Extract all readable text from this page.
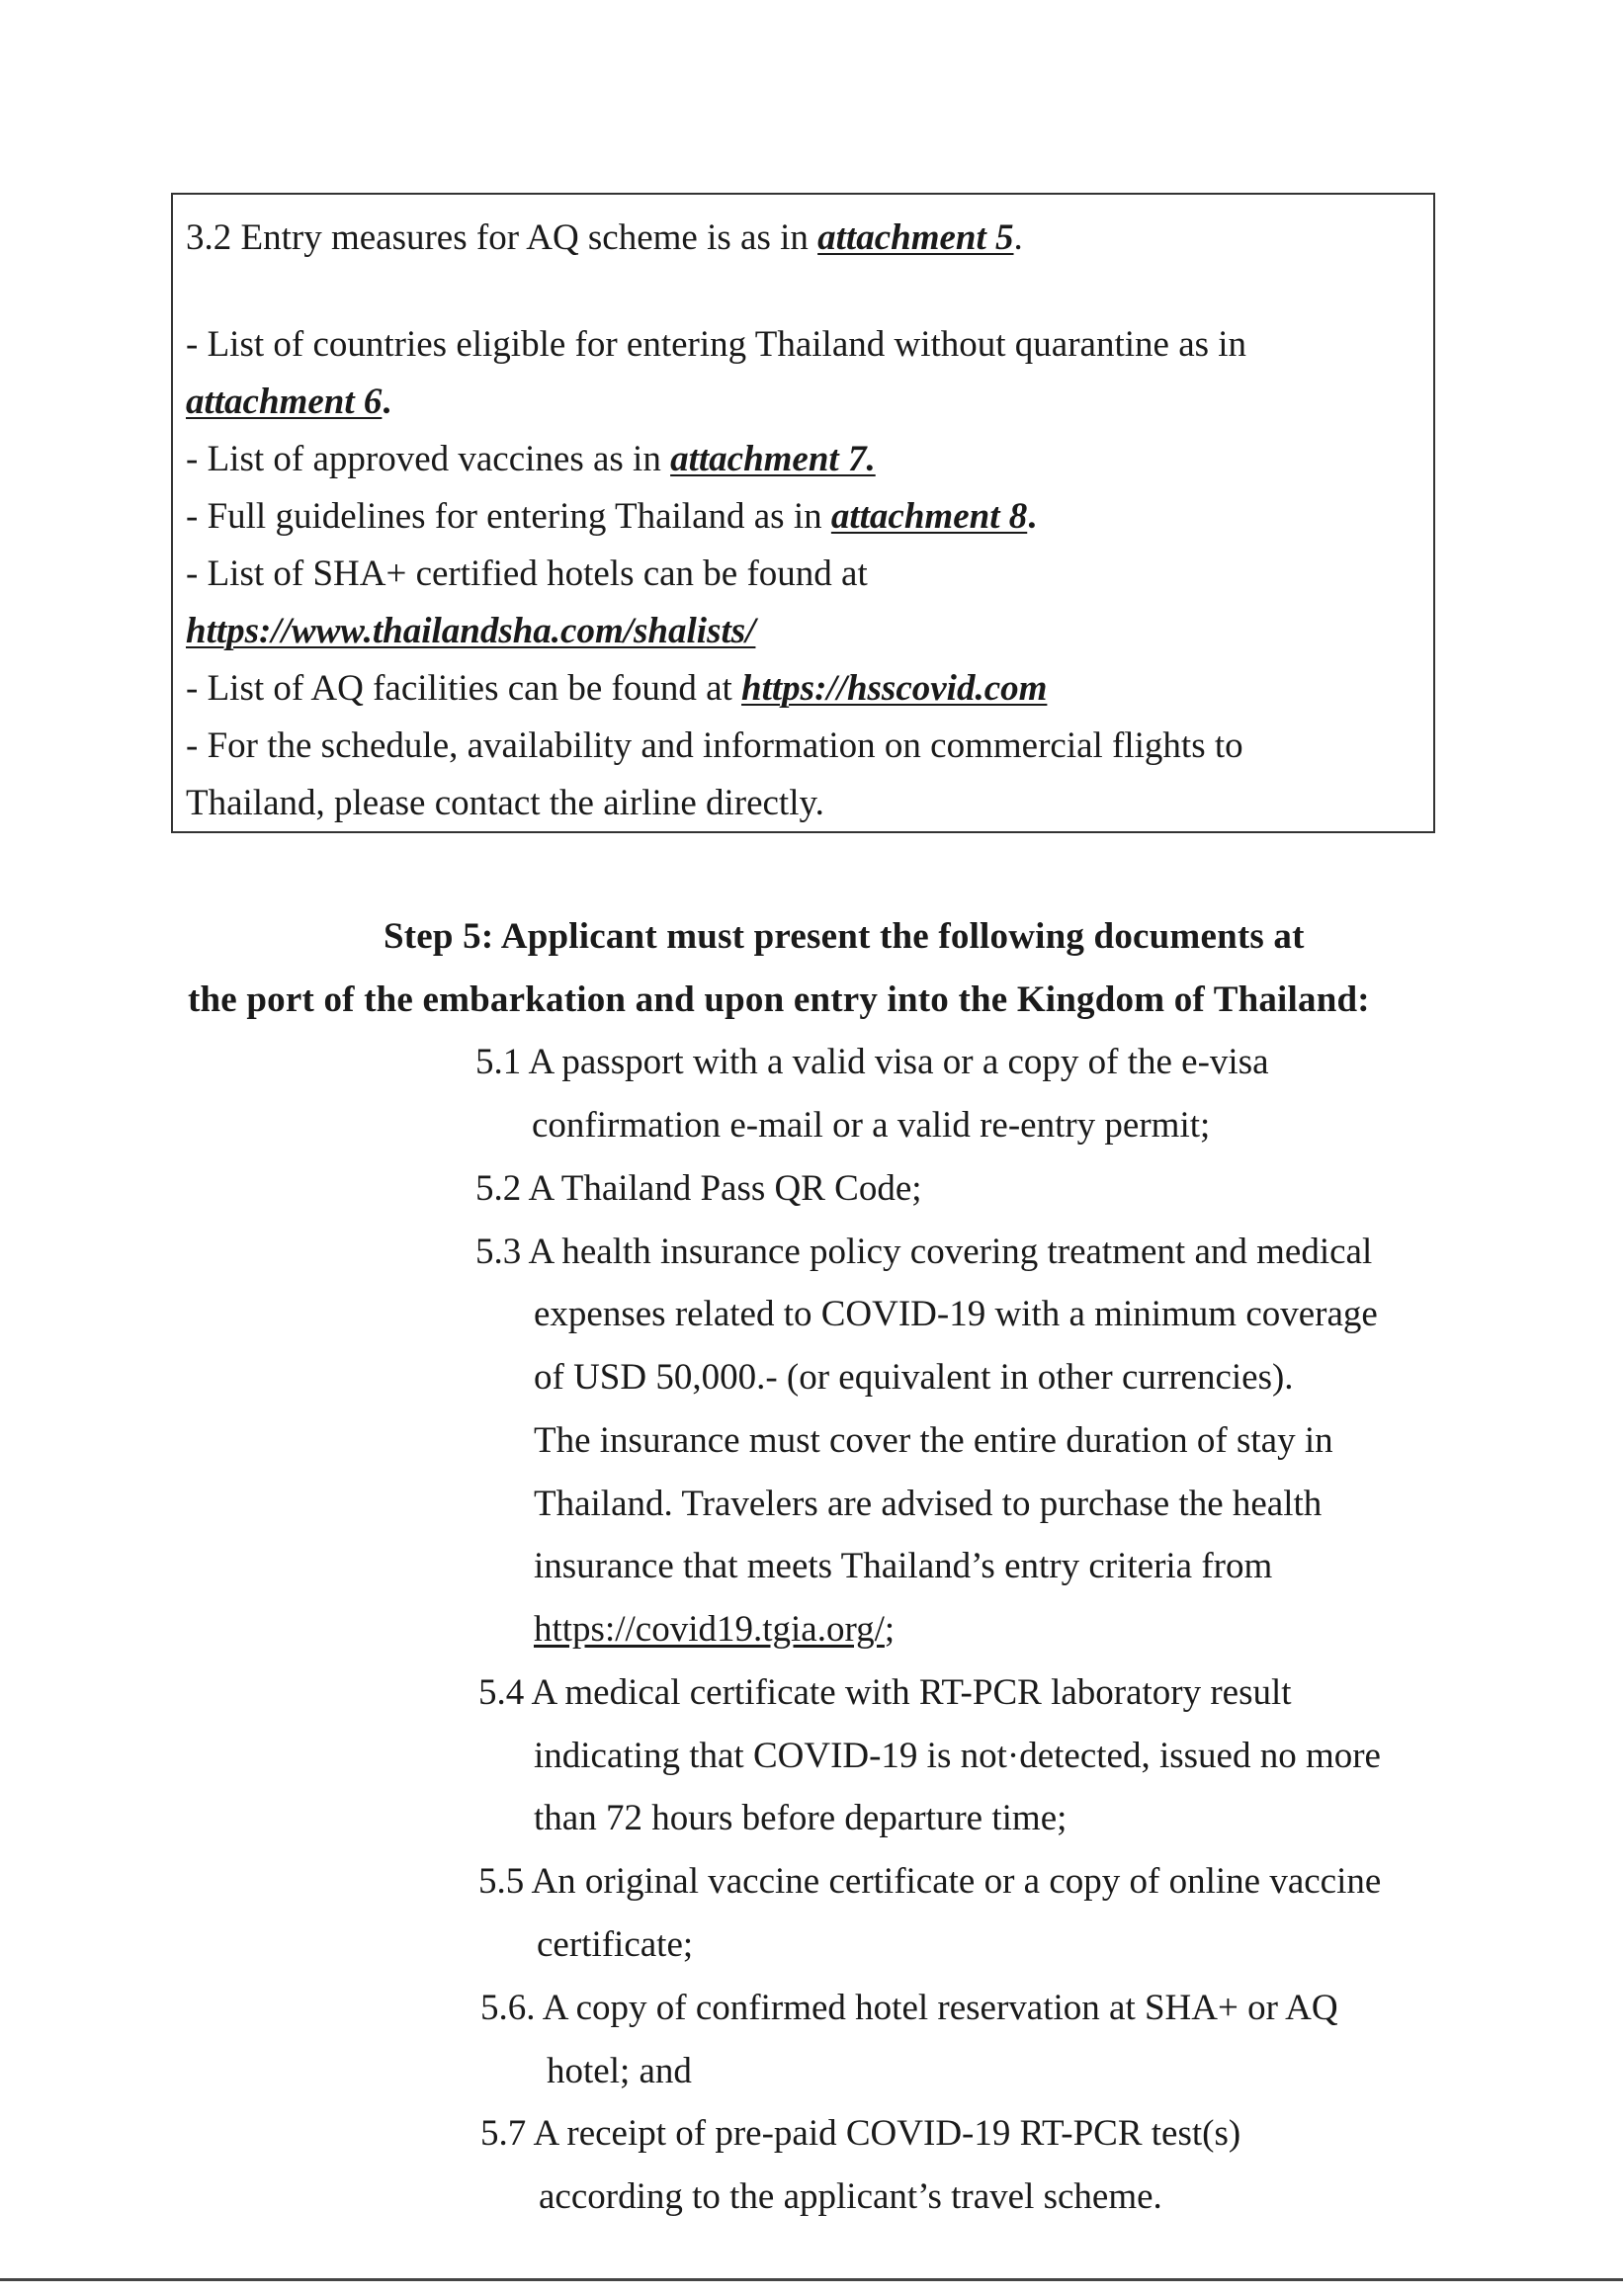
3.2 Entry measures for AQ scheme is as in attachment 5.
- List of countries eligible for entering Thailand without quarantine as in
attachment 6.
- List of approved vaccines as in attachment 7.
- Full guidelines for entering Thailand as in attachment 8.
- List of SHA+ certified hotels can be found at
https://www.thailandsha.com/shalists/
- List of AQ facilities can be found at https://hsscovid.com
- For the schedule, availability and information on commercial flights to
Thailand, please contact the airline directly.
Step 5: Applicant must present the following documents at
the port of the embarkation and upon entry into the Kingdom of Thailand:
5.1 A passport with a valid visa or a copy of the e-visa
confirmation e-mail or a valid re-entry permit;
5.2 A Thailand Pass QR Code;
5.3 A health insurance policy covering treatment and medical
expenses related to COVID-19 with a minimum coverage
of USD 50,000.- (or equivalent in other currencies).
The insurance must cover the entire duration of stay in
Thailand. Travelers are advised to purchase the health
insurance that meets Thailand’s entry criteria from
https://covid19.tgia.org/;
5.4 A medical certificate with RT-PCR laboratory result
indicating that COVID-19 is not·detected, issued no more
than 72 hours before departure time;
5.5 An original vaccine certificate or a copy of online vaccine
certificate;
5.6. A copy of confirmed hotel reservation at SHA+ or AQ
hotel; and
5.7 A receipt of pre-paid COVID-19 RT-PCR test(s)
according to the applicant’s travel scheme.
